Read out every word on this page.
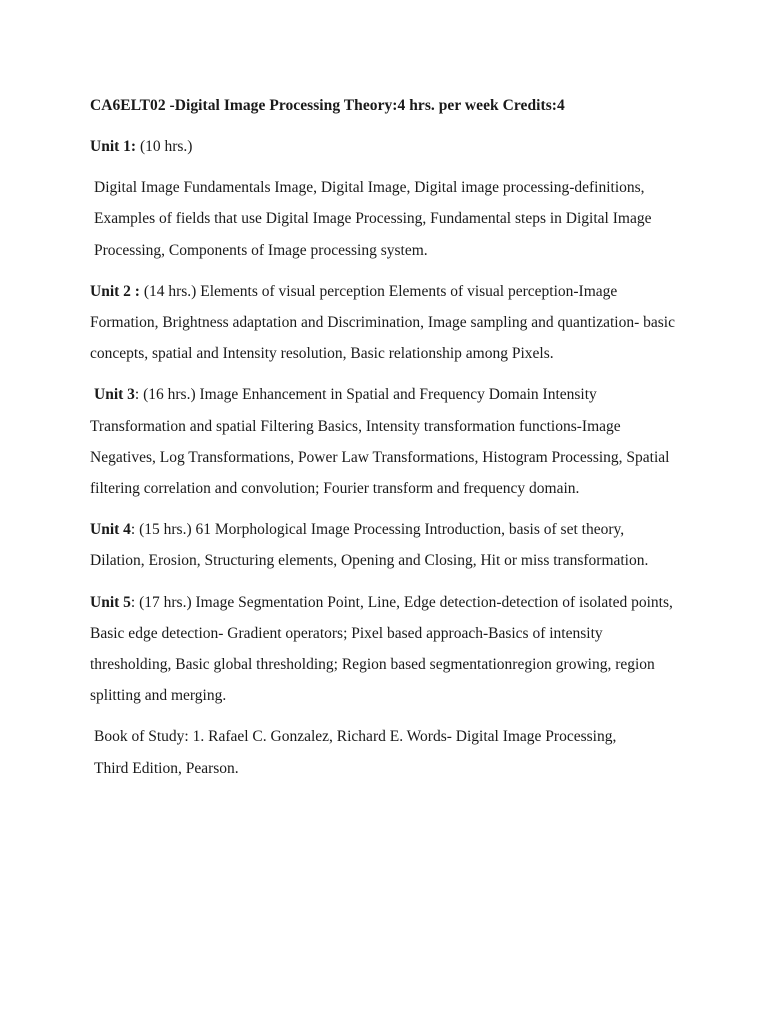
CA6ELT02 -Digital Image Processing Theory:4 hrs. per week Credits:4

Unit 1: (10 hrs.)

Digital Image Fundamentals Image, Digital Image, Digital image processing-definitions, Examples of fields that use Digital Image Processing, Fundamental steps in Digital Image Processing, Components of Image processing system.

Unit 2 : (14 hrs.) Elements of visual perception Elements of visual perception-Image Formation, Brightness adaptation and Discrimination, Image sampling and quantization- basic concepts, spatial and Intensity resolution, Basic relationship among Pixels.

Unit 3: (16 hrs.) Image Enhancement in Spatial and Frequency Domain Intensity Transformation and spatial Filtering Basics, Intensity transformation functions-Image Negatives, Log Transformations, Power Law Transformations, Histogram Processing, Spatial filtering correlation and convolution; Fourier transform and frequency domain.

Unit 4: (15 hrs.) 61 Morphological Image Processing Introduction, basis of set theory, Dilation, Erosion, Structuring elements, Opening and Closing, Hit or miss transformation.

Unit 5: (17 hrs.) Image Segmentation Point, Line, Edge detection-detection of isolated points, Basic edge detection- Gradient operators; Pixel based approach-Basics of intensity thresholding, Basic global thresholding; Region based segmentationregion growing, region splitting and merging.

Book of Study: 1. Rafael C. Gonzalez, Richard E. Words- Digital Image Processing, Third Edition, Pearson.
